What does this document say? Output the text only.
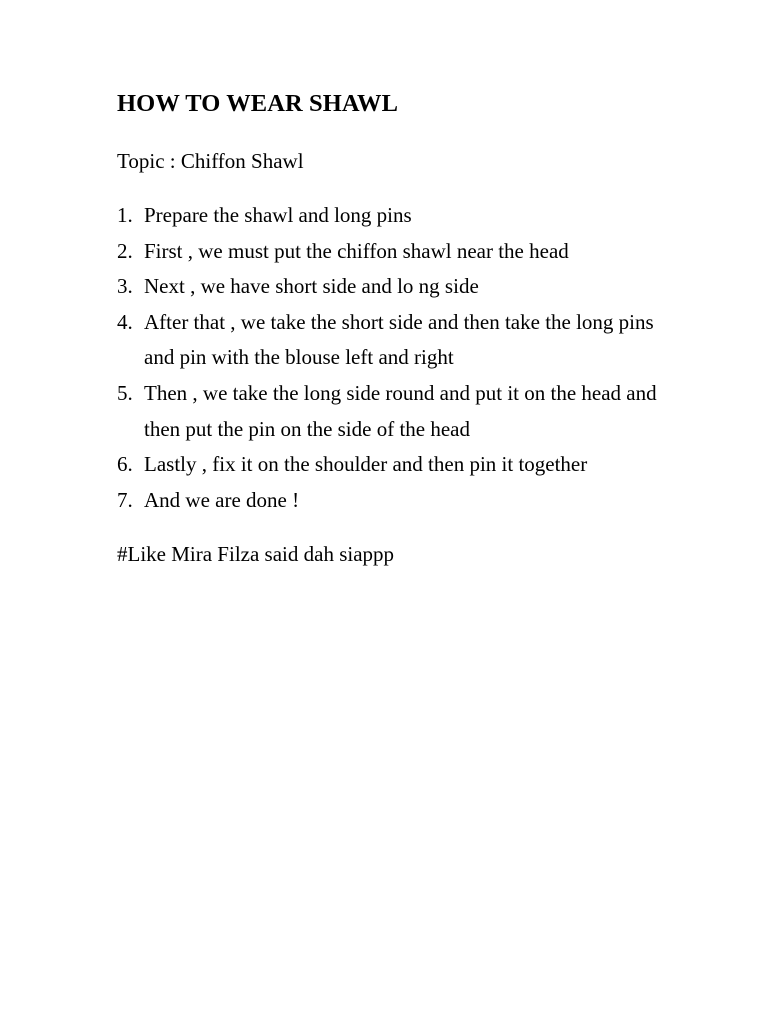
HOW TO WEAR SHAWL

Topic : Chiffon Shawl

1. Prepare the shawl and long pins
2. First , we must put the chiffon shawl near the head
3. Next , we have short side and lo ng side
4. After that , we take the short side and then take the long pins and pin with the blouse left and right
5. Then , we take the long side round and put it on the head and then put the pin on the side of the head
6. Lastly , fix it on the shoulder and then pin it together
7. And we are done !

#Like Mira Filza said dah siappp
